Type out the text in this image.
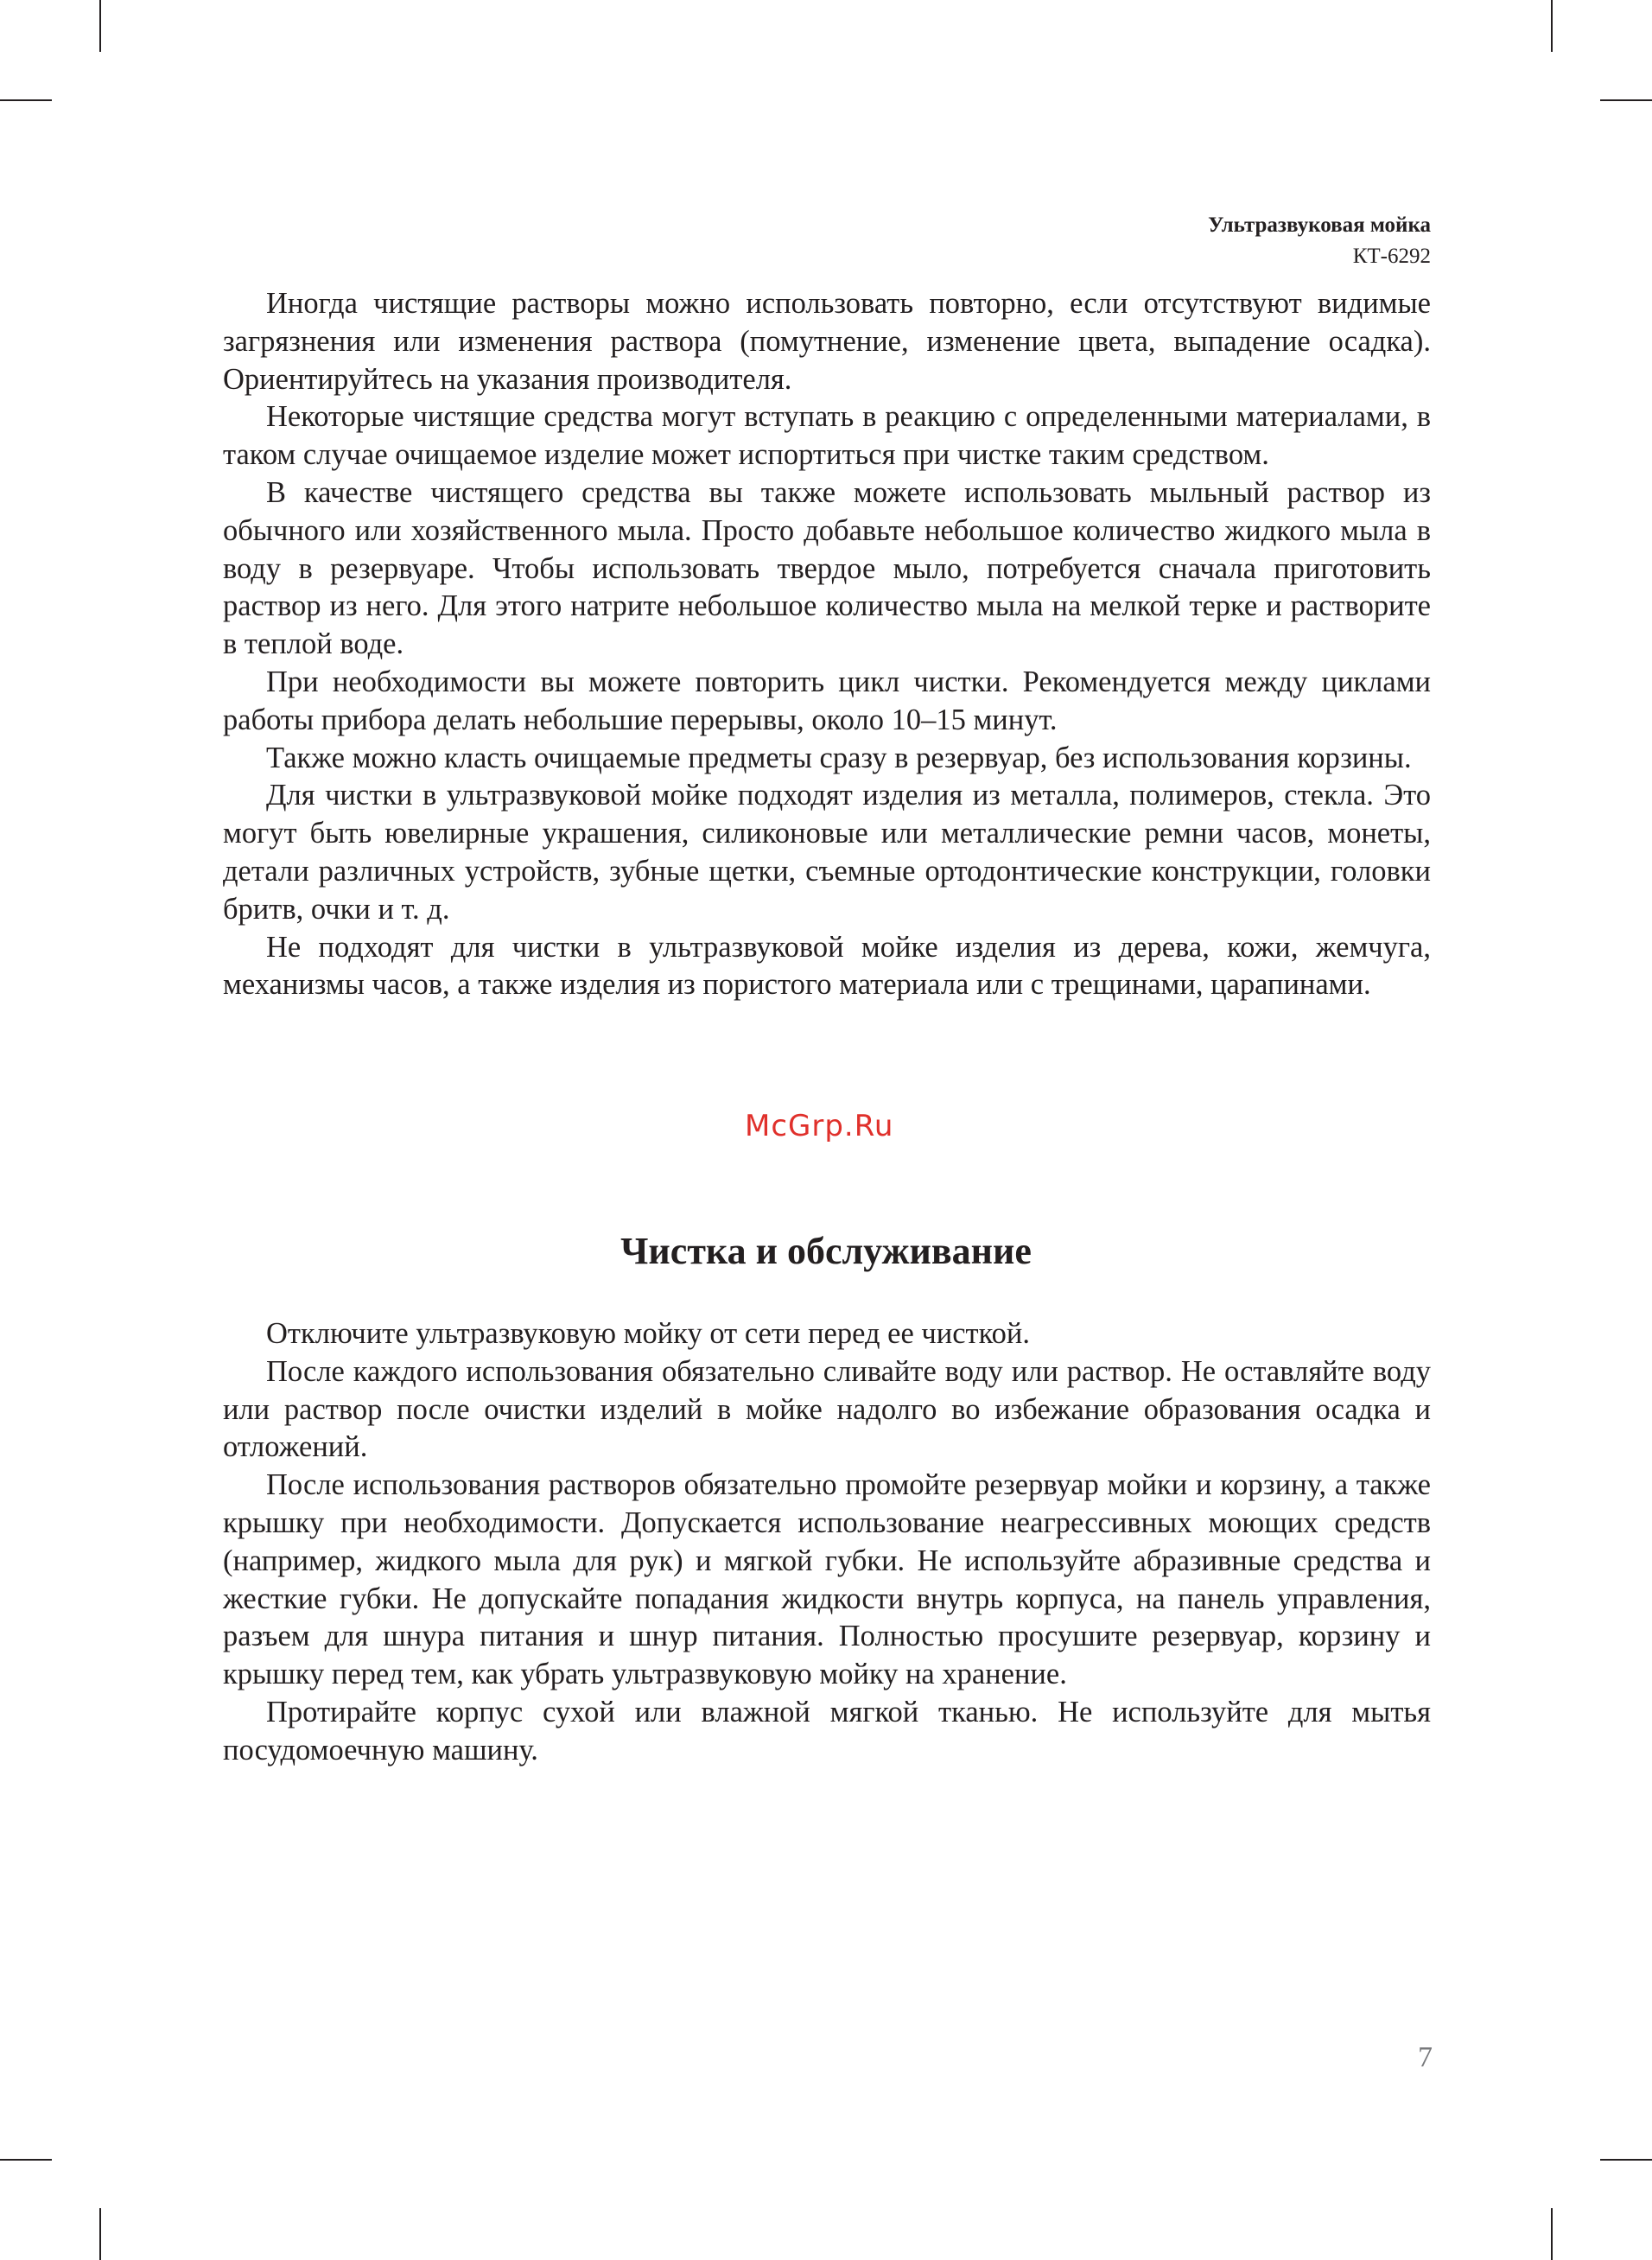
Ультразвуковая мойка
КТ-6292

Иногда чистящие растворы можно использовать повторно, если отсутствуют видимые загрязнения или изменения раствора (помутнение, изменение цвета, выпадение осадка). Ориентируйтесь на указания производителя.

Некоторые чистящие средства могут вступать в реакцию с определенными материалами, в таком случае очищаемое изделие может испортиться при чистке таким средством.

В качестве чистящего средства вы также можете использовать мыльный раствор из обычного или хозяйственного мыла. Просто добавьте небольшое количество жидкого мыла в воду в резервуаре. Чтобы использовать твердое мыло, потребуется сначала приготовить раствор из него. Для этого натрите небольшое количество мыла на мелкой терке и растворите в теплой воде.

При необходимости вы можете повторить цикл чистки. Рекомендуется между циклами работы прибора делать небольшие перерывы, около 10–15 минут.

Также можно класть очищаемые предметы сразу в резервуар, без использования корзины.

Для чистки в ультразвуковой мойке подходят изделия из металла, полимеров, стекла. Это могут быть ювелирные украшения, силиконовые или металлические ремни часов, монеты, детали различных устройств, зубные щетки, съемные ортодонтические конструкции, головки бритв, очки и т. д.

Не подходят для чистки в ультразвуковой мойке изделия из дерева, кожи, жемчуга, механизмы часов, а также изделия из пористого материала или с трещинами, царапинами.

McGrp.Ru
Чистка и обслуживание

Отключите ультразвуковую мойку от сети перед ее чисткой.

После каждого использования обязательно сливайте воду или раствор. Не оставляйте воду или раствор после очистки изделий в мойке надолго во избежание образования осадка и отложений.

После использования растворов обязательно промойте резервуар мойки и корзину, а также крышку при необходимости. Допускается использование неагрессивных моющих средств (например, жидкого мыла для рук) и мягкой губки. Не используйте абразивные средства и жесткие губки. Не допускайте попадания жидкости внутрь корпуса, на панель управления, разъем для шнура питания и шнур питания. Полностью просушите резервуар, корзину и крышку перед тем, как убрать ультразвуковую мойку на хранение.

Протирайте корпус сухой или влажной мягкой тканью. Не используйте для мытья посудомоечную машину.

7
